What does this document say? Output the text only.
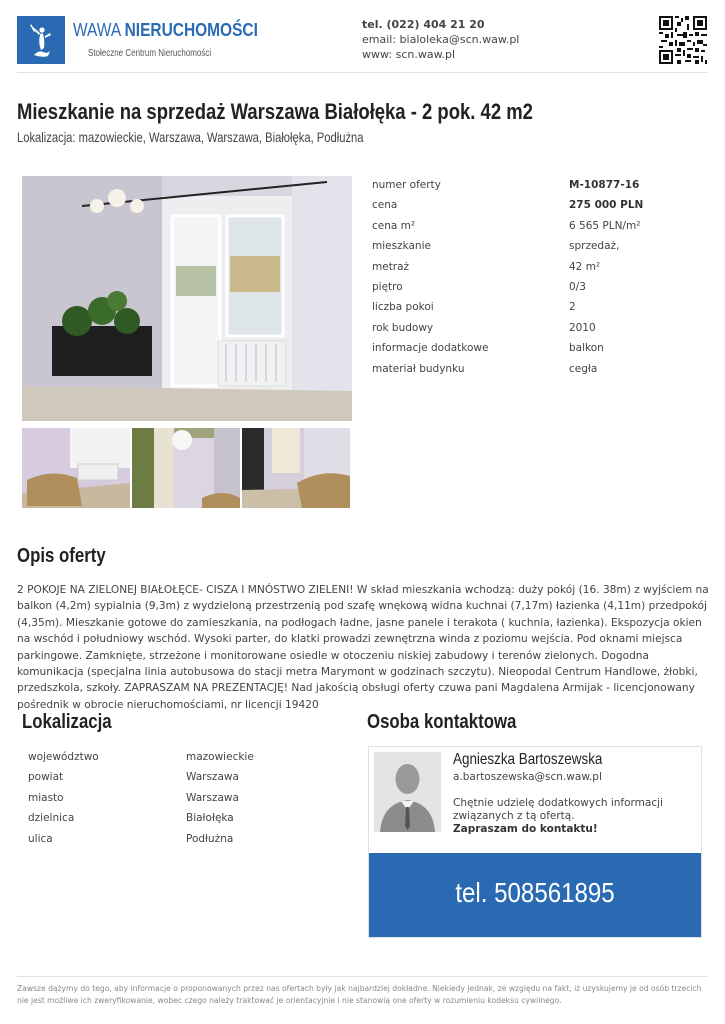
WAWA NIERUCHOMOŚCI
Stołeczne Centrum Nieruchomości
tel. (022) 404 21 20
email: bialoleka@scn.waw.pl
www: scn.waw.pl
Mieszkanie na sprzedaż Warszawa Białołęka - 2 pok. 42 m2
Lokalizacja: mazowieckie, Warszawa, Warszawa, Białołęka, Podłużna
numer oferty	M-10877-16
cena	275 000 PLN
cena m²	6 565 PLN/m²
mieszkanie	sprzedaż,
metraż	42 m²
piętro	0/3
liczba pokoi	2
rok budowy	2010
informacje dodatkowe	balkon
materiał budynku	cegła
Opis oferty

2 POKOJE NA ZIELONEJ BIAŁOŁĘCE- CISZA I MNÓSTWO ZIELENI! W skład mieszkania wchodzą: duży pokój (16. 38m) z wyjściem na balkon (4,2m) sypialnia (9,3m) z wydzieloną przestrzenią pod szafę wnękową widna kuchnai (7,17m) łazienka (4,11m) przedpokój (4,35m). Mieszkanie gotowe do zamieszkania, na podłogach ładne, jasne panele i terakota ( kuchnia, łazienka). Ekspozycja okien na wschód i południowy wschód. Wysoki parter, do klatki prowadzi zewnętrzna winda z poziomu wejścia. Pod oknami miejsca parkingowe. Zamknięte, strzeżone i monitorowane osiedle w otoczeniu niskiej zabudowy i terenów zielonych. Dogodna komunikacja (specjalna linia autobusowa do stacji metra Marymont w godzinach szczytu). Nieopodal Centrum Handlowe, żłobki, przedszkola, szkoły. ZAPRASZAM NA PREZENTACJĘ! Nad jakością obsługi oferty czuwa pani Magdalena Armijak - licencjonowany pośrednik w obrocie nieruchomościami, nr licencji 19420

Lokalizacja
województwo	mazowieckie
powiat	Warszawa
miasto	Warszawa
dzielnica	Białołęka
ulica	Podłużna
Osoba kontaktowa
Agnieszka Bartoszewska
a.bartoszewska@scn.waw.pl
Chętnie udzielę dodatkowych informacji związanych z tą ofertą.
Zapraszam do kontaktu!
tel. 508561895

Zawsze dążymy do tego, aby informacje o proponowanych przez nas ofertach były jak najbardziej dokładne. Niekiedy jednak, ze względu na fakt, iż uzyskujemy je od osób trzecich nie jest możliwe ich zweryfikowanie, wobec czego należy traktować je orientacyjnie i nie stanowią one oferty w rozumieniu kodeksu cywilnego.
